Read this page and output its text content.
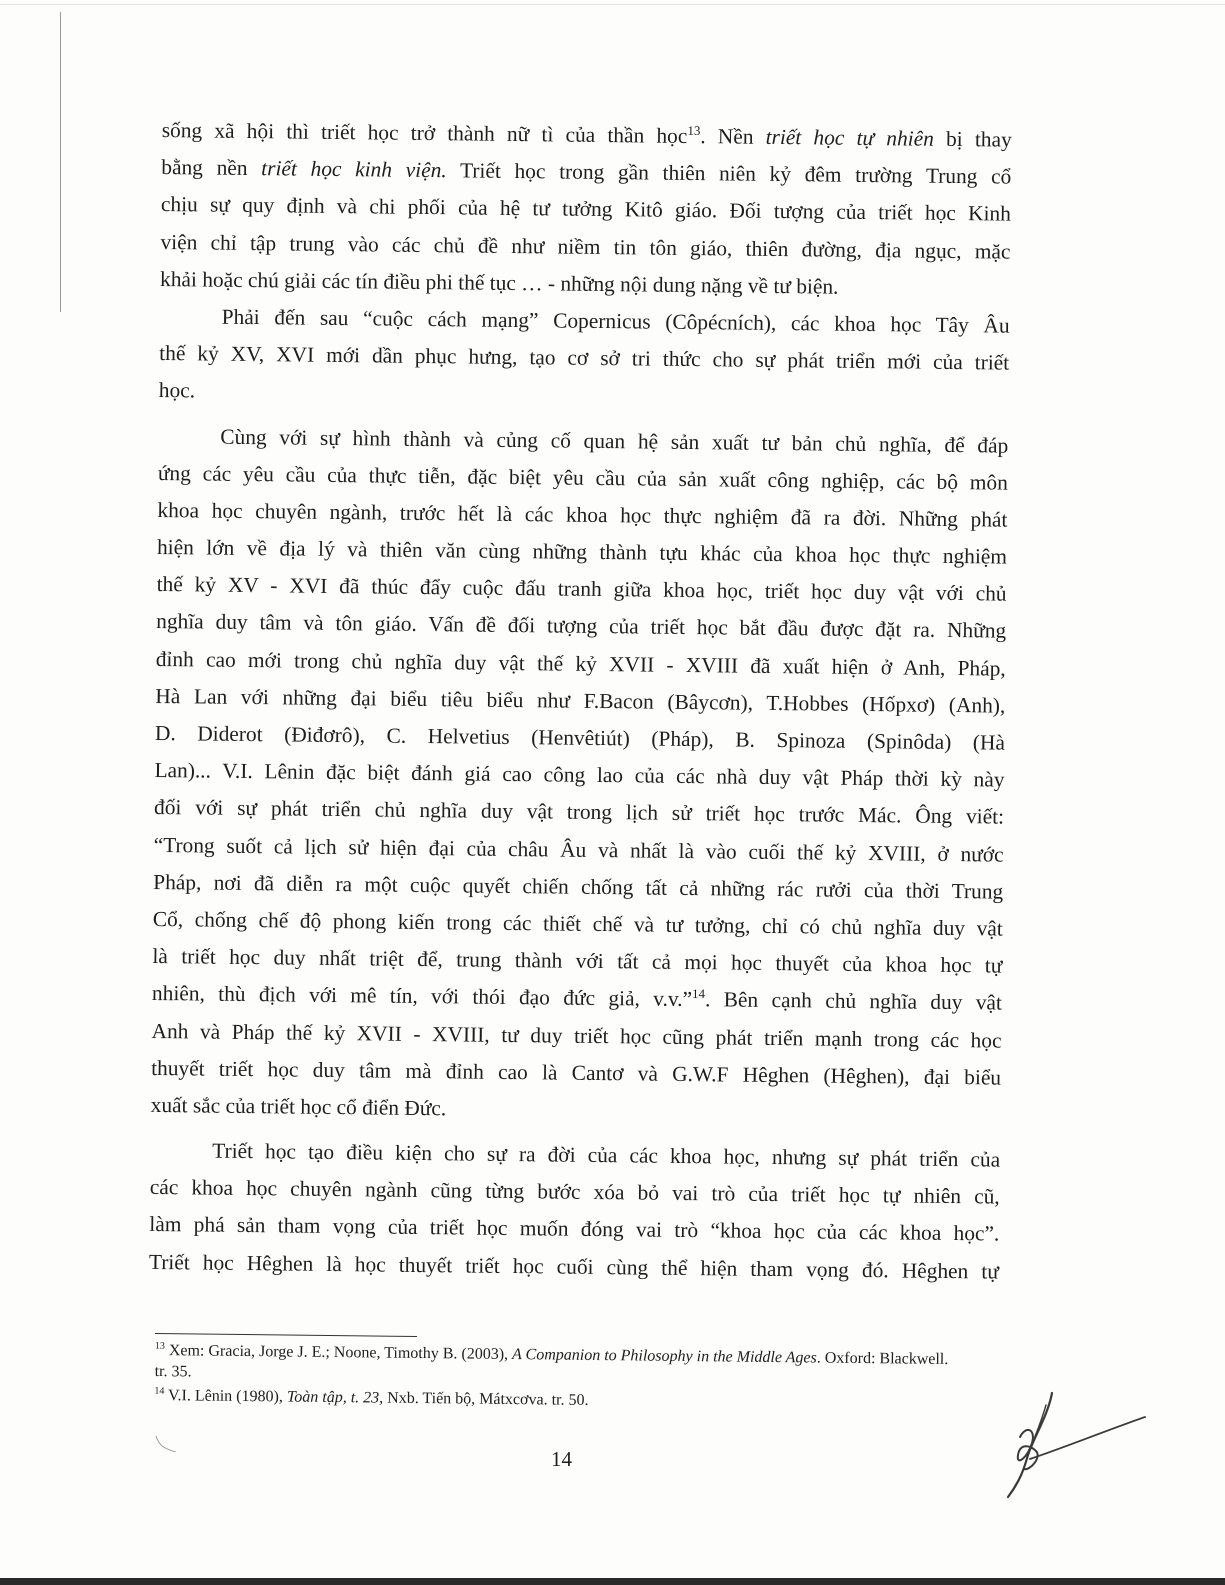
sống xã hội thì triết học trở thành nữ tì của thần học$^{13}$. Nền triết học tự nhiên bị thay
bằng nền triết học kinh viện. Triết học trong gần thiên niên kỷ đêm trường Trung cổ
chịu sự quy định và chi phối của hệ tư tưởng Kitô giáo. Đối tượng của triết học Kinh
viện chỉ tập trung vào các chủ đề như niềm tin tôn giáo, thiên đường, địa ngục, mặc
khải hoặc chú giải các tín điều phi thế tục … - những nội dung nặng về tư biện.
Phải đến sau “cuộc cách mạng” Copernicus (Côpécních), các khoa học Tây Âu
thế kỷ XV, XVI mới dần phục hưng, tạo cơ sở tri thức cho sự phát triển mới của triết
học.
Cùng với sự hình thành và củng cố quan hệ sản xuất tư bản chủ nghĩa, để đáp
ứng các yêu cầu của thực tiễn, đặc biệt yêu cầu của sản xuất công nghiệp, các bộ môn
khoa học chuyên ngành, trước hết là các khoa học thực nghiệm đã ra đời. Những phát
hiện lớn về địa lý và thiên văn cùng những thành tựu khác của khoa học thực nghiệm
thế kỷ XV - XVI đã thúc đẩy cuộc đấu tranh giữa khoa học, triết học duy vật với chủ
nghĩa duy tâm và tôn giáo. Vấn đề đối tượng của triết học bắt đầu được đặt ra. Những
đỉnh cao mới trong chủ nghĩa duy vật thế kỷ XVII - XVIII đã xuất hiện ở Anh, Pháp,
Hà Lan với những đại biểu tiêu biểu như F.Bacon (Bâycơn), T.Hobbes (Hốpxơ) (Anh),
D. Diderot (Điđơrô), C. Helvetius (Henvêtiút) (Pháp), B. Spinoza (Spinôda) (Hà
Lan)... V.I. Lênin đặc biệt đánh giá cao công lao của các nhà duy vật Pháp thời kỳ này
đối với sự phát triển chủ nghĩa duy vật trong lịch sử triết học trước Mác. Ông viết:
“Trong suốt cả lịch sử hiện đại của châu Âu và nhất là vào cuối thế kỷ XVIII, ở nước
Pháp, nơi đã diễn ra một cuộc quyết chiến chống tất cả những rác rưởi của thời Trung
Cổ, chống chế độ phong kiến trong các thiết chế và tư tưởng, chỉ có chủ nghĩa duy vật
là triết học duy nhất triệt để, trung thành với tất cả mọi học thuyết của khoa học tự
nhiên, thù địch với mê tín, với thói đạo đức giả, v.v.”$^{14}$. Bên cạnh chủ nghĩa duy vật
Anh và Pháp thế kỷ XVII - XVIII, tư duy triết học cũng phát triển mạnh trong các học
thuyết triết học duy tâm mà đỉnh cao là Cantơ và G.W.F Hêghen (Hêghen), đại biểu
xuất sắc của triết học cổ điển Đức.
Triết học tạo điều kiện cho sự ra đời của các khoa học, nhưng sự phát triển của
các khoa học chuyên ngành cũng từng bước xóa bỏ vai trò của triết học tự nhiên cũ,
làm phá sản tham vọng của triết học muốn đóng vai trò “khoa học của các khoa học”.
Triết học Hêghen là học thuyết triết học cuối cùng thể hiện tham vọng đó. Hêghen tự
$^{13}$ Xem: Gracia, Jorge J. E.; Noone, Timothy B. (2003), A Companion to Philosophy in the Middle Ages. Oxford: Blackwell. tr. 35.
$^{14}$ V.I. Lênin (1980), Toàn tập, t. 23, Nxb. Tiến bộ, Mátxcơva. tr. 50.
14
